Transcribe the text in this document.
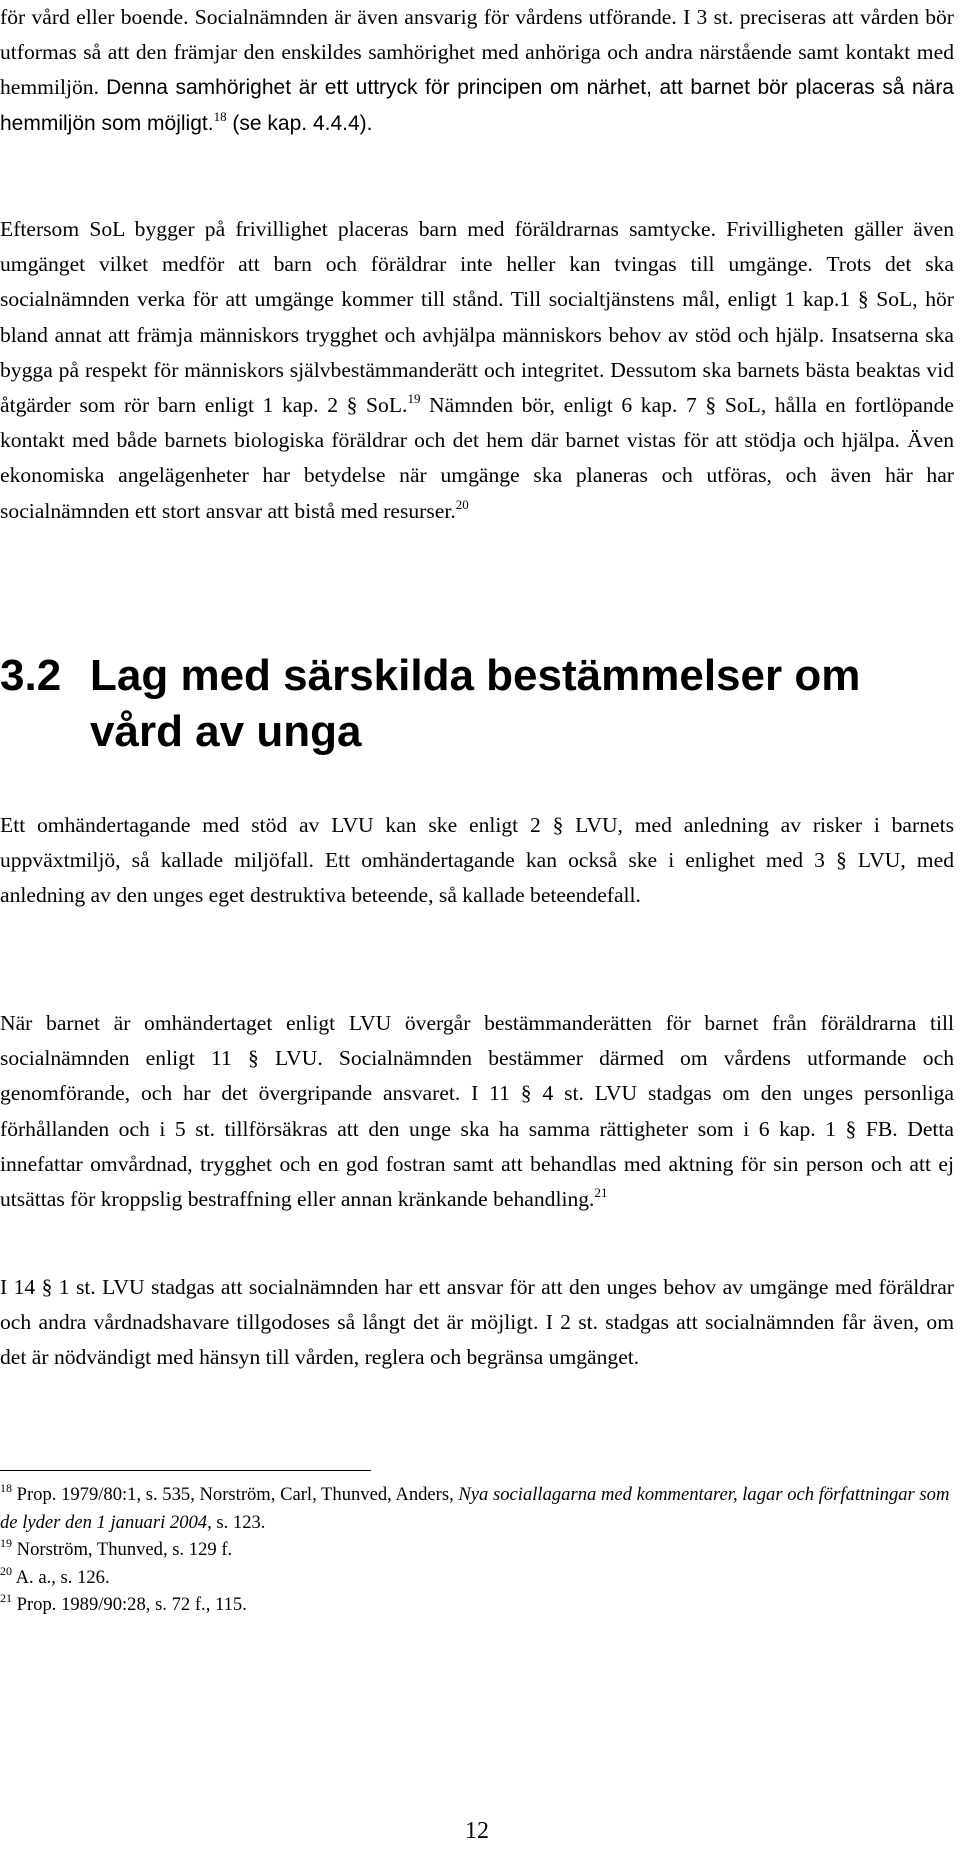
för vård eller boende. Socialnämnden är även ansvarig för vårdens utförande. I 3 st. preciseras att vården bör utformas så att den främjar den enskildes samhörighet med anhöriga och andra närstående samt kontakt med hemmiljön. Denna samhörighet är ett uttryck för principen om närhet, att barnet bör placeras så nära hemmiljön som möjligt.$^{18}$ (se kap. 4.4.4).

Eftersom SoL bygger på frivillighet placeras barn med föräldrarnas samtycke. Frivilligheten gäller även umgänget vilket medför att barn och föräldrar inte heller kan tvingas till umgänge. Trots det ska socialnämnden verka för att umgänge kommer till stånd. Till socialtjänstens mål, enligt 1 kap.1 § SoL, hör bland annat att främja människors trygghet och avhjälpa människors behov av stöd och hjälp. Insatserna ska bygga på respekt för människors självbestämmanderätt och integritet. Dessutom ska barnets bästa beaktas vid åtgärder som rör barn enligt 1 kap. 2 § SoL.$^{19}$ Nämnden bör, enligt 6 kap. 7 § SoL, hålla en fortlöpande kontakt med både barnets biologiska föräldrar och det hem där barnet vistas för att stödja och hjälpa. Även ekonomiska angelägenheter har betydelse när umgänge ska planeras och utföras, och även här har socialnämnden ett stort ansvar att bistå med resurser.$^{20}$

3.2 Lag med särskilda bestämmelser om vård av unga

Ett omhändertagande med stöd av LVU kan ske enligt 2 § LVU, med anledning av risker i barnets uppväxtmiljö, så kallade miljöfall. Ett omhändertagande kan också ske i enlighet med 3 § LVU, med anledning av den unges eget destruktiva beteende, så kallade beteendefall.

När barnet är omhändertaget enligt LVU övergår bestämmanderätten för barnet från föräldrarna till socialnämnden enligt 11 § LVU. Socialnämnden bestämmer därmed om vårdens utformande och genomförande, och har det övergripande ansvaret. I 11 § 4 st. LVU stadgas om den unges personliga förhållanden och i 5 st. tillförsäkras att den unge ska ha samma rättigheter som i 6 kap. 1 § FB. Detta innefattar omvårdnad, trygghet och en god fostran samt att behandlas med aktning för sin person och att ej utsättas för kroppslig bestraffning eller annan kränkande behandling.$^{21}$

I 14 § 1 st. LVU stadgas att socialnämnden har ett ansvar för att den unges behov av umgänge med föräldrar och andra vårdnadshavare tillgodoses så långt det är möjligt. I 2 st. stadgas att socialnämnden får även, om det är nödvändigt med hänsyn till vården, reglera och begränsa umgänget.

$^{18}$ Prop. 1979/80:1, s. 535, Norström, Carl, Thunved, Anders, Nya sociallagarna med kommentarer, lagar och författningar som de lyder den 1 januari 2004, s. 123.

$^{19}$ Norström, Thunved, s. 129 f.

$^{20}$ A. a., s. 126.

$^{21}$ Prop. 1989/90:28, s. 72 f., 115.

12
